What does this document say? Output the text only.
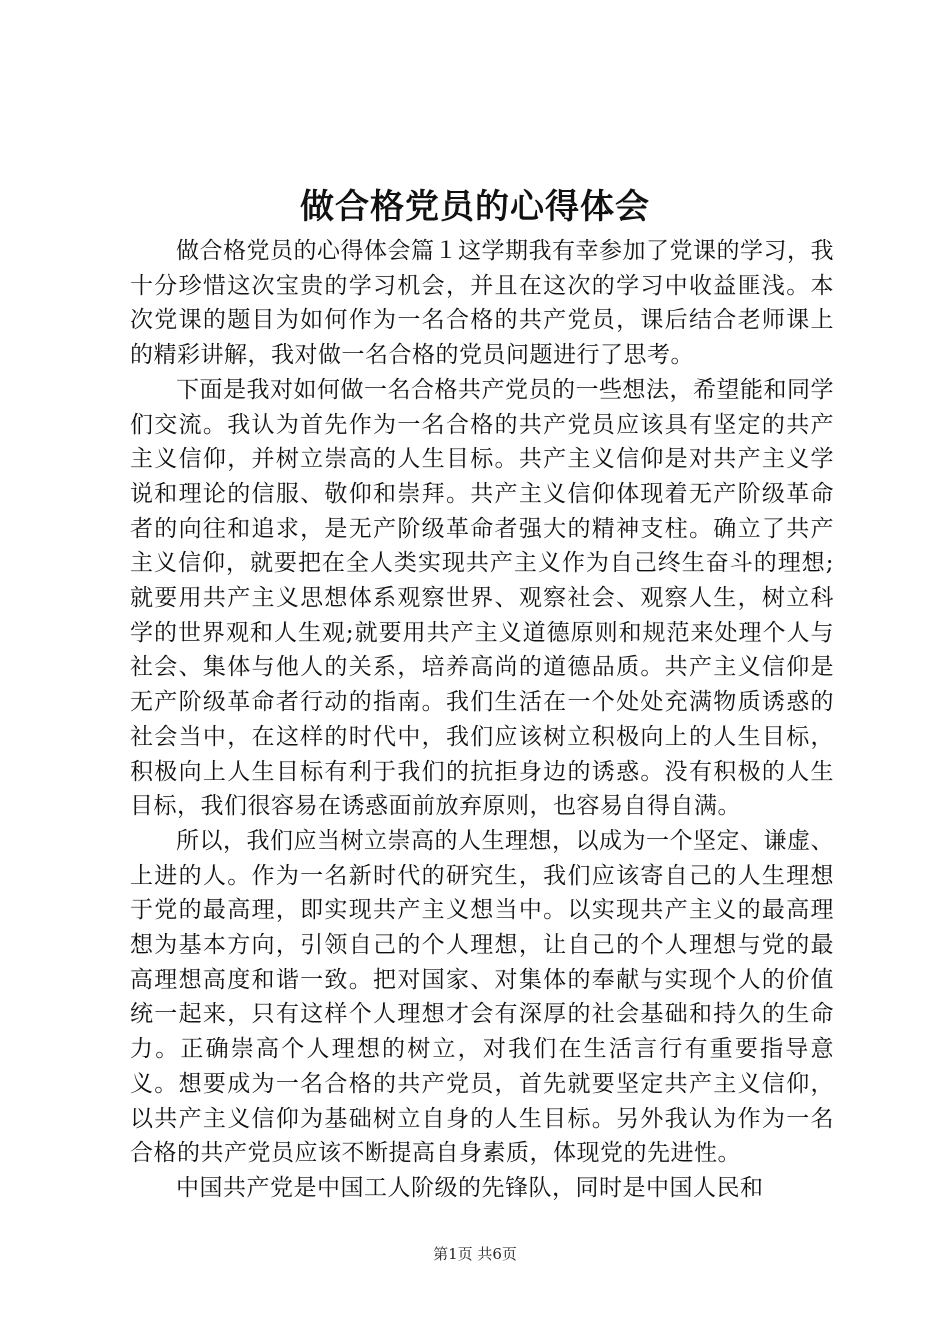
做合格党员的心得体会

做合格党员的心得体会篇１这学期我有幸参加了党课的学习，我十分珍惜这次宝贵的学习机会，并且在这次的学习中收益匪浅。本次党课的题目为如何作为一名合格的共产党员，课后结合老师课上的精彩讲解，我对做一名合格的党员问题进行了思考。

下面是我对如何做一名合格共产党员的一些想法，希望能和同学们交流。我认为首先作为一名合格的共产党员应该具有坚定的共产主义信仰，并树立崇高的人生目标。共产主义信仰是对共产主义学说和理论的信服、敬仰和崇拜。共产主义信仰体现着无产阶级革命者的向往和追求，是无产阶级革命者强大的精神支柱。确立了共产主义信仰，就要把在全人类实现共产主义作为自己终生奋斗的理想;就要用共产主义思想体系观察世界、观察社会、观察人生，树立科学的世界观和人生观;就要用共产主义道德原则和规范来处理个人与社会、集体与他人的关系，培养高尚的道德品质。共产主义信仰是无产阶级革命者行动的指南。我们生活在一个处处充满物质诱惑的社会当中，在这样的时代中，我们应该树立积极向上的人生目标，积极向上人生目标有利于我们的抗拒身边的诱惑。没有积极的人生目标，我们很容易在诱惑面前放弃原则，也容易自得自满。

所以，我们应当树立崇高的人生理想，以成为一个坚定、谦虚、上进的人。作为一名新时代的研究生，我们应该寄自己的人生理想于党的最高理，即实现共产主义想当中。以实现共产主义的最高理想为基本方向，引领自己的个人理想，让自己的个人理想与党的最高理想高度和谐一致。把对国家、对集体的奉献与实现个人的价值统一起来，只有这样个人理想才会有深厚的社会基础和持久的生命力。正确崇高个人理想的树立，对我们在生活言行有重要指导意义。想要成为一名合格的共产党员，首先就要坚定共产主义信仰，以共产主义信仰为基础树立自身的人生目标。另外我认为作为一名合格的共产党员应该不断提高自身素质，体现党的先进性。

中国共产党是中国工人阶级的先锋队，同时是中国人民和

第1页 共6页
